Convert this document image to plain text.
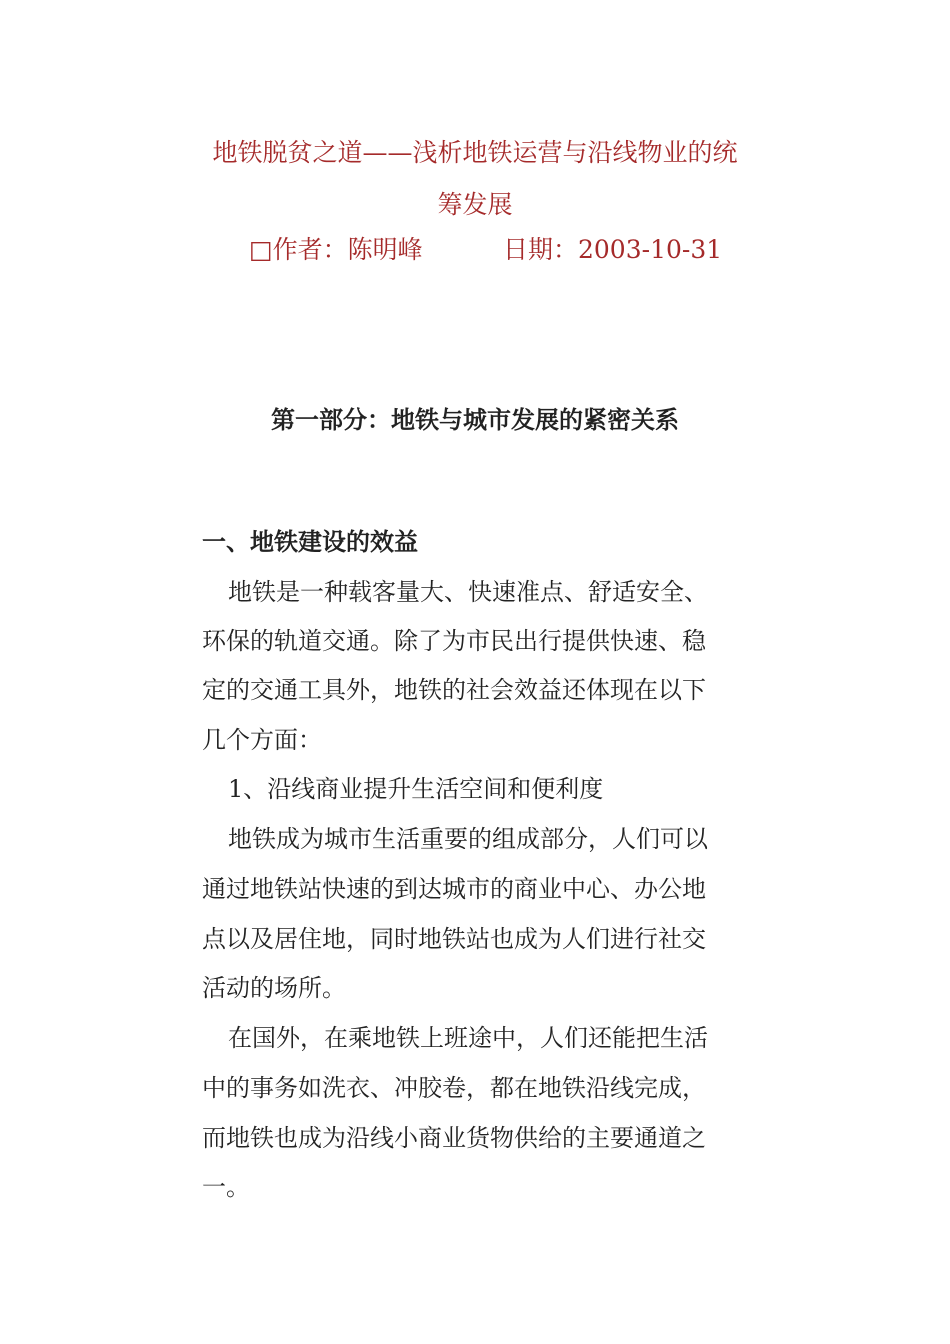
地铁脱贫之道——浅析地铁运营与沿线物业的统
筹发展
□作者：陈明峰	日期：2003-10-31
第一部分：地铁与城市发展的紧密关系
一、地铁建设的效益
地铁是一种载客量大、快速准点、舒适安全、
环保的轨道交通。除了为市民出行提供快速、稳
定的交通工具外，地铁的社会效益还体现在以下
几个方面：
1、沿线商业提升生活空间和便利度
地铁成为城市生活重要的组成部分，人们可以
通过地铁站快速的到达城市的商业中心、办公地
点以及居住地，同时地铁站也成为人们进行社交
活动的场所。
在国外，在乘地铁上班途中，人们还能把生活
中的事务如洗衣、冲胶卷，都在地铁沿线完成，
而地铁也成为沿线小商业货物供给的主要通道之
一。
